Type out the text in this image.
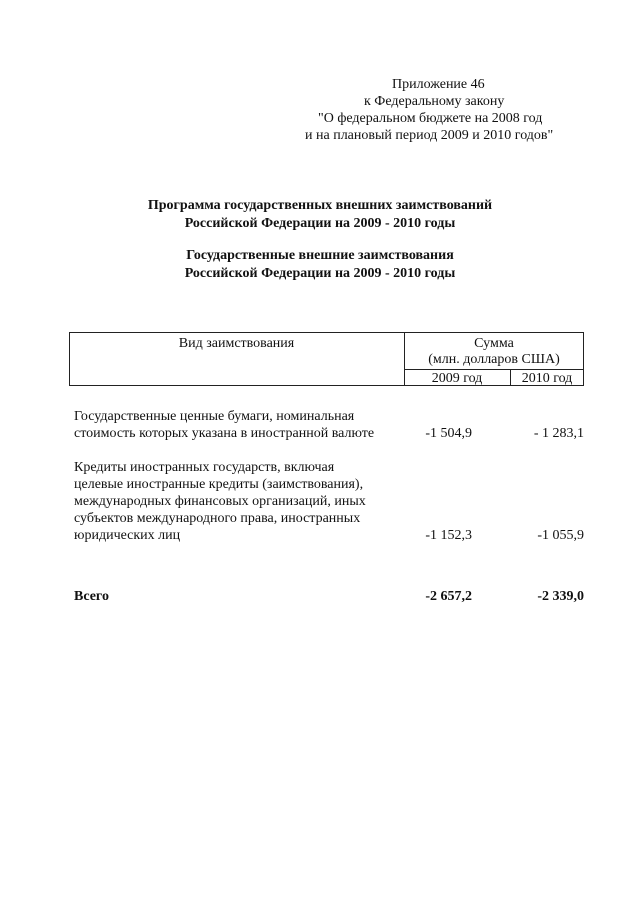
Приложение 46
к Федеральному закону
"О федеральном бюджете на 2008 год
и на плановый период 2009 и 2010 годов"
Программа государственных внешних заимствований
Российской Федерации на 2009 - 2010 годы
Государственные внешние заимствования
Российской Федерации на 2009 - 2010 годы
Вид заимствования	Сумма
(млн. долларов США)
2009 год	2010 год
Государственные ценные бумаги, номинальная
стоимость которых указана в иностранной валюте	-1 504,9	- 1 283,1
Кредиты иностранных государств, включая
целевые иностранные кредиты (заимствования),
международных финансовых организаций, иных
субъектов международного права, иностранных
юридических лиц	-1 152,3	-1 055,9
Всего	-2 657,2	-2 339,0
